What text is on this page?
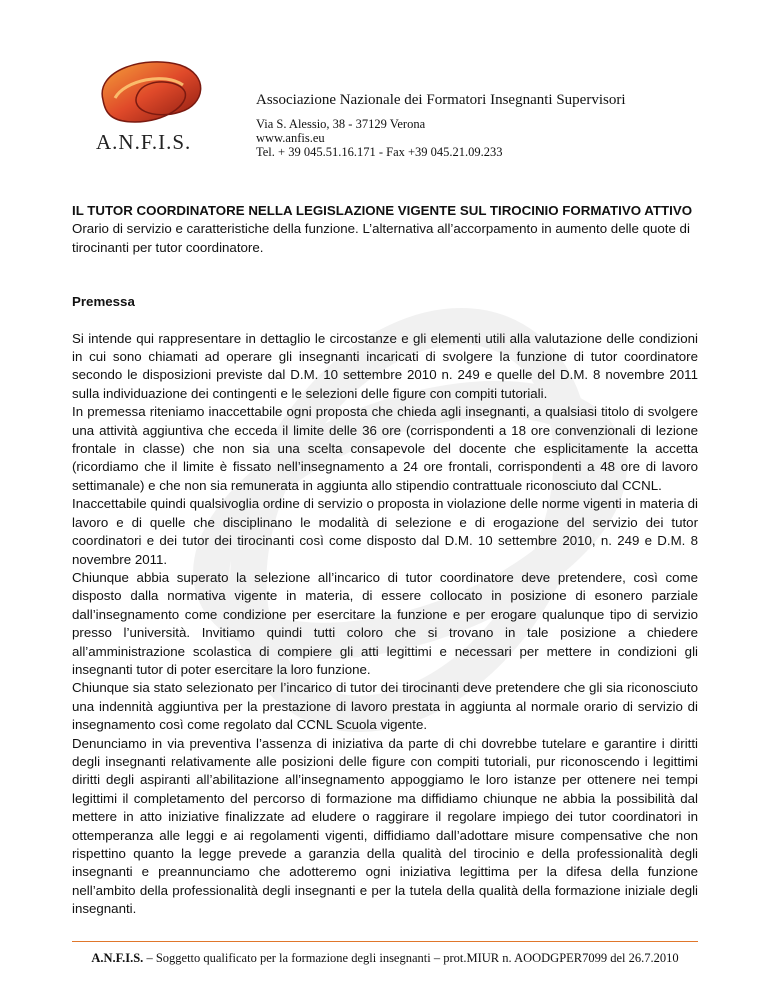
A.N.F.I.S.
Associazione Nazionale dei Formatori Insegnanti Supervisori
Via S. Alessio, 38 - 37129 Verona
www.anfis.eu
Tel. + 39 045.51.16.171 - Fax +39 045.21.09.233
IL TUTOR COORDINATORE NELLA LEGISLAZIONE VIGENTE SUL TIROCINIO FORMATIVO ATTIVO

Orario di servizio e caratteristiche della funzione. L’alternativa all’accorpamento in aumento delle quote di tirocinanti per tutor coordinatore.

Premessa

Si intende qui rappresentare in dettaglio le circostanze e gli elementi utili alla valutazione delle condizioni in cui sono chiamati ad operare gli insegnanti incaricati di svolgere la funzione di tutor coordinatore secondo le disposizioni previste dal D.M. 10 settembre 2010 n. 249 e quelle del D.M. 8 novembre 2011 sulla individuazione dei contingenti e le selezioni delle figure con compiti tutoriali.

In premessa riteniamo inaccettabile ogni proposta che chieda agli insegnanti, a qualsiasi titolo di svolgere una attività aggiuntiva che ecceda il limite delle 36 ore (corrispondenti a 18 ore convenzionali di lezione frontale in classe) che non sia una scelta consapevole del docente che esplicitamente la accetta (ricordiamo che il limite è fissato nell’insegnamento a 24 ore frontali, corrispondenti a 48 ore di lavoro settimanale) e che non sia remunerata in aggiunta allo stipendio contrattuale riconosciuto dal CCNL.

Inaccettabile quindi qualsivoglia ordine di servizio o proposta in violazione delle norme vigenti in materia di lavoro e di quelle che disciplinano le modalità di selezione e di erogazione del servizio dei tutor coordinatori e dei tutor dei tirocinanti così come disposto dal D.M. 10 settembre 2010, n. 249 e D.M. 8 novembre 2011.

Chiunque abbia superato la selezione all’incarico di tutor coordinatore deve pretendere, così come disposto dalla normativa vigente in materia, di essere collocato in posizione di esonero parziale dall’insegnamento come condizione per esercitare la funzione e per erogare qualunque tipo di servizio presso l’università. Invitiamo quindi tutti coloro che si trovano in tale posizione a chiedere all’amministrazione scolastica di compiere gli atti legittimi e necessari per mettere in condizioni gli insegnanti tutor di poter esercitare la loro funzione.

Chiunque sia stato selezionato per l’incarico di tutor dei tirocinanti deve pretendere che gli sia riconosciuto una indennità aggiuntiva per la prestazione di lavoro prestata in aggiunta al normale orario di servizio di insegnamento così come regolato dal CCNL Scuola vigente.

Denunciamo in via preventiva l’assenza di iniziativa da parte di chi dovrebbe tutelare e garantire i diritti degli insegnanti relativamente alle posizioni delle figure con compiti tutoriali, pur riconoscendo i legittimi diritti degli aspiranti all’abilitazione all’insegnamento appoggiamo le loro istanze per ottenere nei tempi legittimi il completamento del percorso di formazione ma diffidiamo chiunque ne abbia la possibilità dal mettere in atto iniziative finalizzate ad eludere o raggirare il regolare impiego dei tutor coordinatori in ottemperanza alle leggi e ai regolamenti vigenti, diffidiamo dall’adottare misure compensative che non rispettino quanto la legge prevede a garanzia della qualità del tirocinio e della professionalità degli insegnanti e preannunciamo che adotteremo ogni iniziativa legittima per la difesa della funzione nell’ambito della professionalità degli insegnanti e per la tutela della qualità della formazione iniziale degli insegnanti.

A.N.F.I.S. – Soggetto qualificato per la formazione degli insegnanti – prot.MIUR n. AOODGPER7099 del 26.7.2010
